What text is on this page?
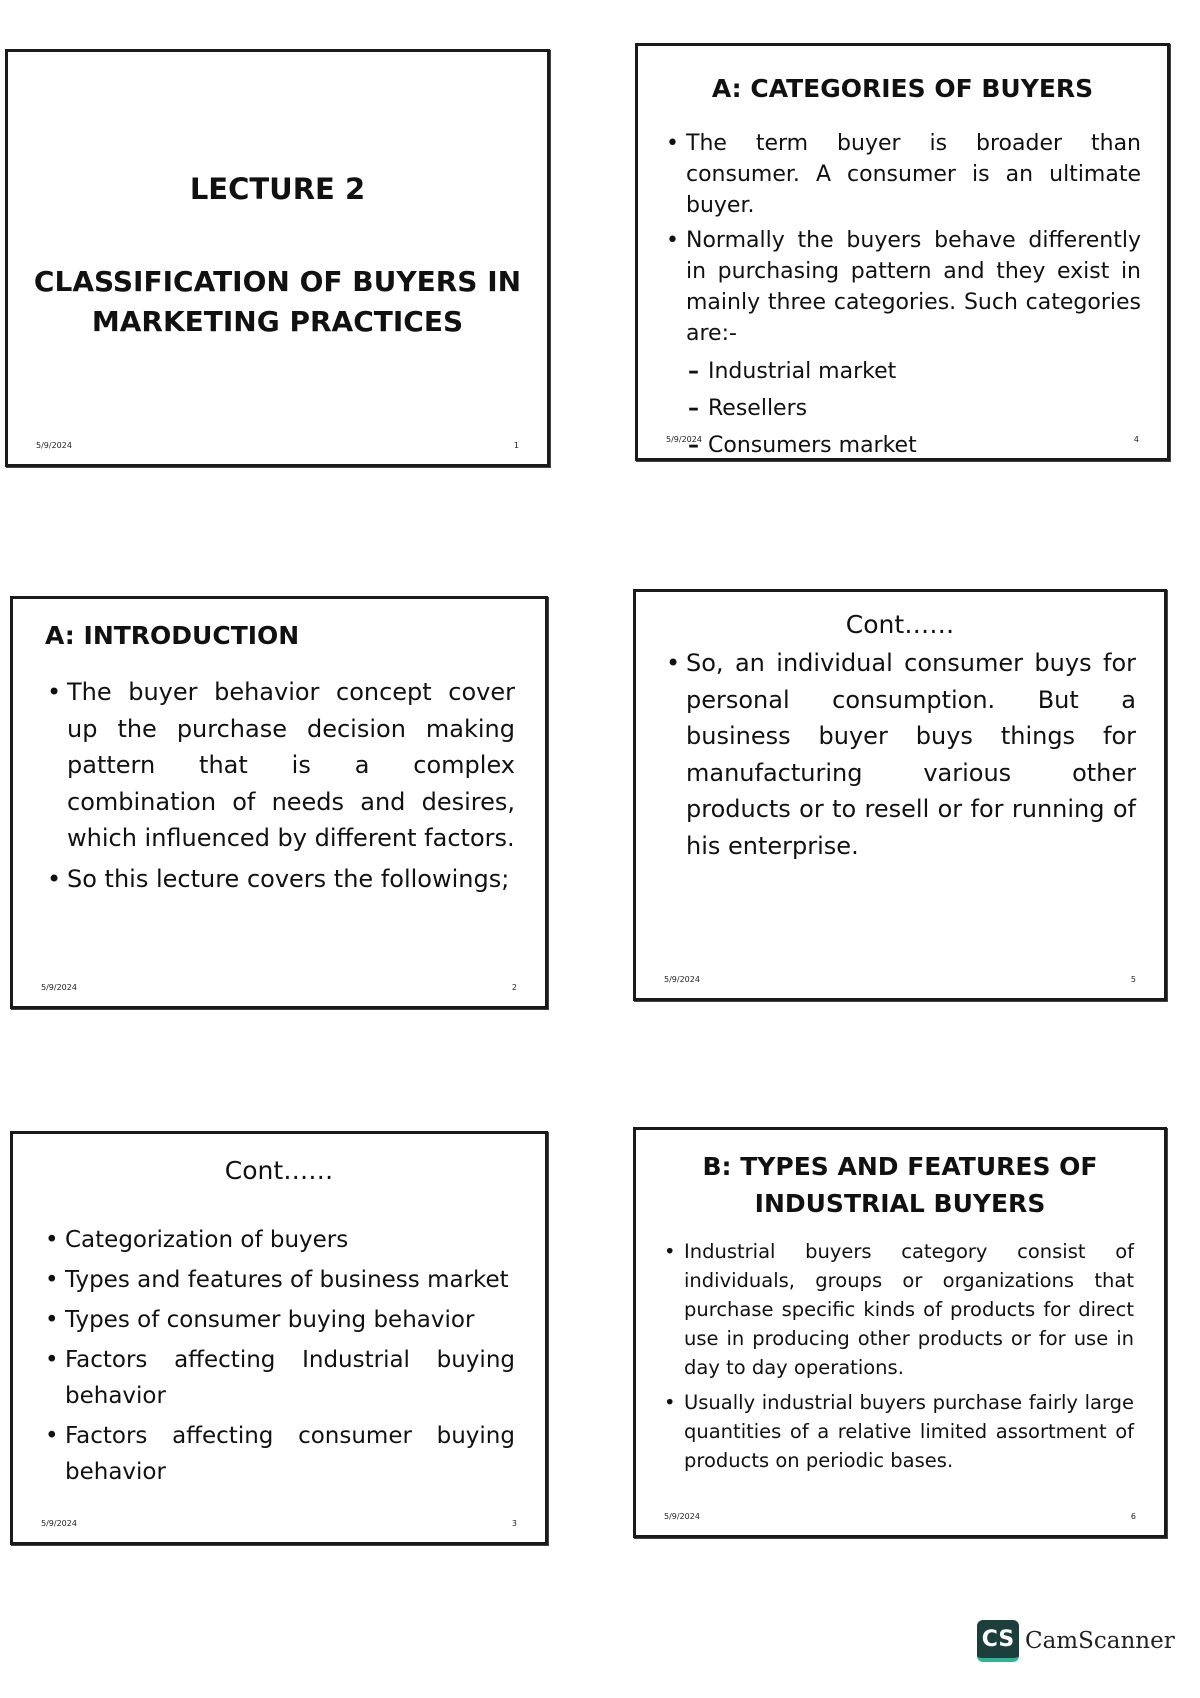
LECTURE 2
CLASSIFICATION OF BUYERS IN
MARKETING PRACTICES
5/9/2024	1
A: CATEGORIES OF BUYERS
• The term buyer is broader than consumer. A consumer is an ultimate buyer.
• Normally the buyers behave differently in purchasing pattern and they exist in mainly three categories. Such categories are:-
– Industrial market
– Resellers
– Consumers market
5/9/2024	4
A: INTRODUCTION
• The buyer behavior concept cover up the purchase decision making pattern that is a complex combination of needs and desires, which influenced by different factors.
• So this lecture covers the followings;
5/9/2024	2
Cont……
• So, an individual consumer buys for personal consumption. But a business buyer buys things for manufacturing various other products or to resell or for running of his enterprise.
5/9/2024	5
Cont……
• Categorization of buyers
• Types and features of business market
• Types of consumer buying behavior
• Factors affecting Industrial buying behavior
• Factors affecting consumer buying behavior
5/9/2024	3
B: TYPES AND FEATURES OF
INDUSTRIAL BUYERS
• Industrial buyers category consist of individuals, groups or organizations that purchase specific kinds of products for direct use in producing other products or for use in day to day operations.
• Usually industrial buyers purchase fairly large quantities of a relative limited assortment of products on periodic bases.
5/9/2024	6
CS CamScanner
